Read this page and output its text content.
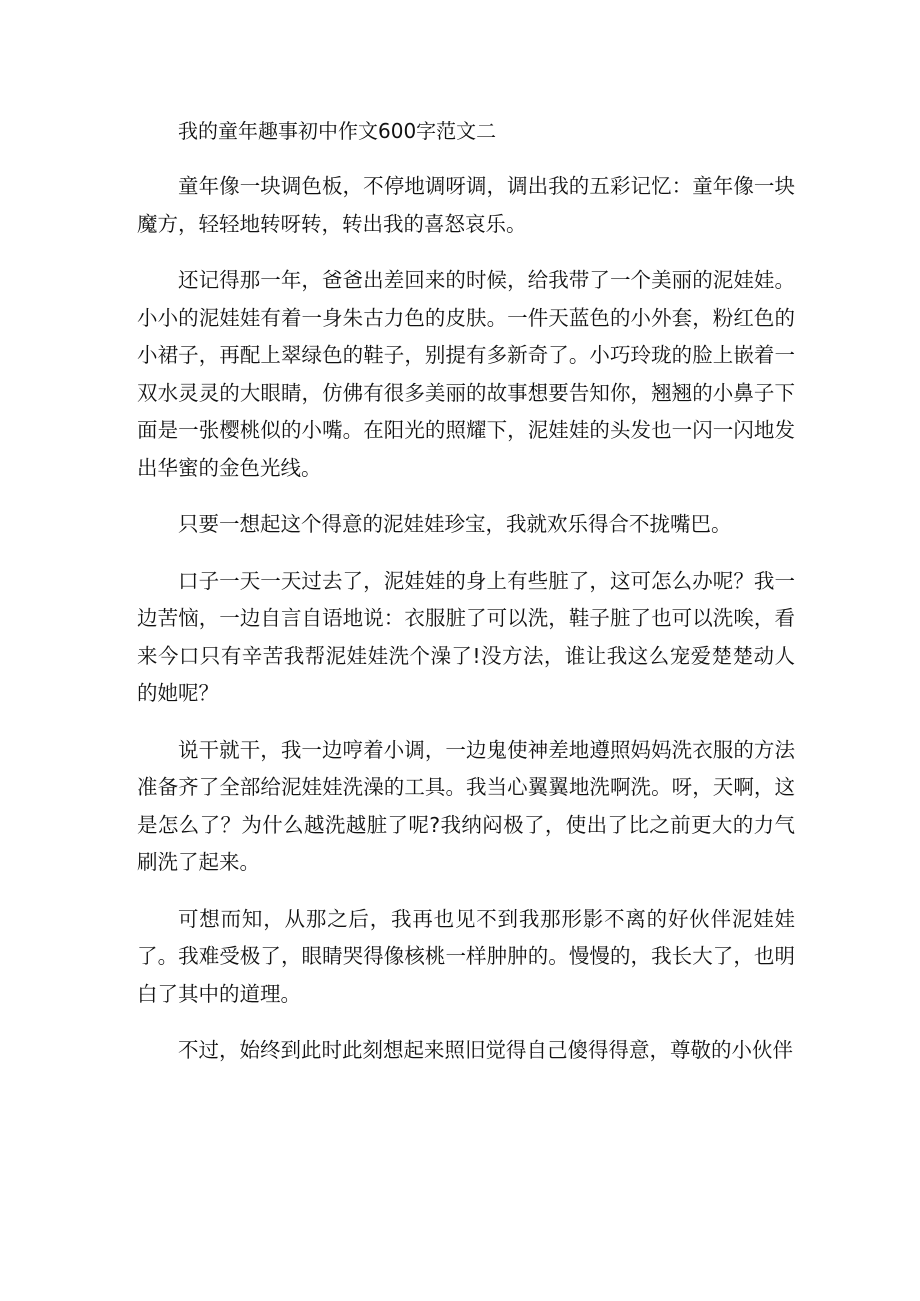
我的童年趣事初中作文600字范文二

童年像一块调色板，不停地调呀调，调出我的五彩记忆：童年像一块魔方，轻轻地转呀转，转出我的喜怒哀乐。

还记得那一年，爸爸出差回来的时候，给我带了一个美丽的泥娃娃。小小的泥娃娃有着一身朱古力色的皮肤。一件天蓝色的小外套，粉红色的小裙子，再配上翠绿色的鞋子，别提有多新奇了。小巧玲珑的脸上嵌着一双水灵灵的大眼睛，仿佛有很多美丽的故事想要告知你，翘翘的小鼻子下面是一张樱桃似的小嘴。在阳光的照耀下，泥娃娃的头发也一闪一闪地发出华蜜的金色光线。

只要一想起这个得意的泥娃娃珍宝，我就欢乐得合不拢嘴巴。

口子一天一天过去了，泥娃娃的身上有些脏了，这可怎么办呢？我一边苦恼，一边自言自语地说：衣服脏了可以洗，鞋子脏了也可以洗唉，看来今口只有辛苦我帮泥娃娃洗个澡了!没方法，谁让我这么宠爱楚楚动人的她呢？

说干就干，我一边哼着小调，一边鬼使神差地遵照妈妈洗衣服的方法准备齐了全部给泥娃娃洗澡的工具。我当心翼翼地洗啊洗。呀，天啊，这是怎么了？为什么越洗越脏了呢?我纳闷极了，使出了比之前更大的力气刷洗了起来。

可想而知，从那之后，我再也见不到我那形影不离的好伙伴泥娃娃了。我难受极了，眼睛哭得像核桃一样肿肿的。慢慢的，我长大了，也明白了其中的道理。

不过，始终到此时此刻想起来照旧觉得自己傻得得意，尊敬的小伙伴
